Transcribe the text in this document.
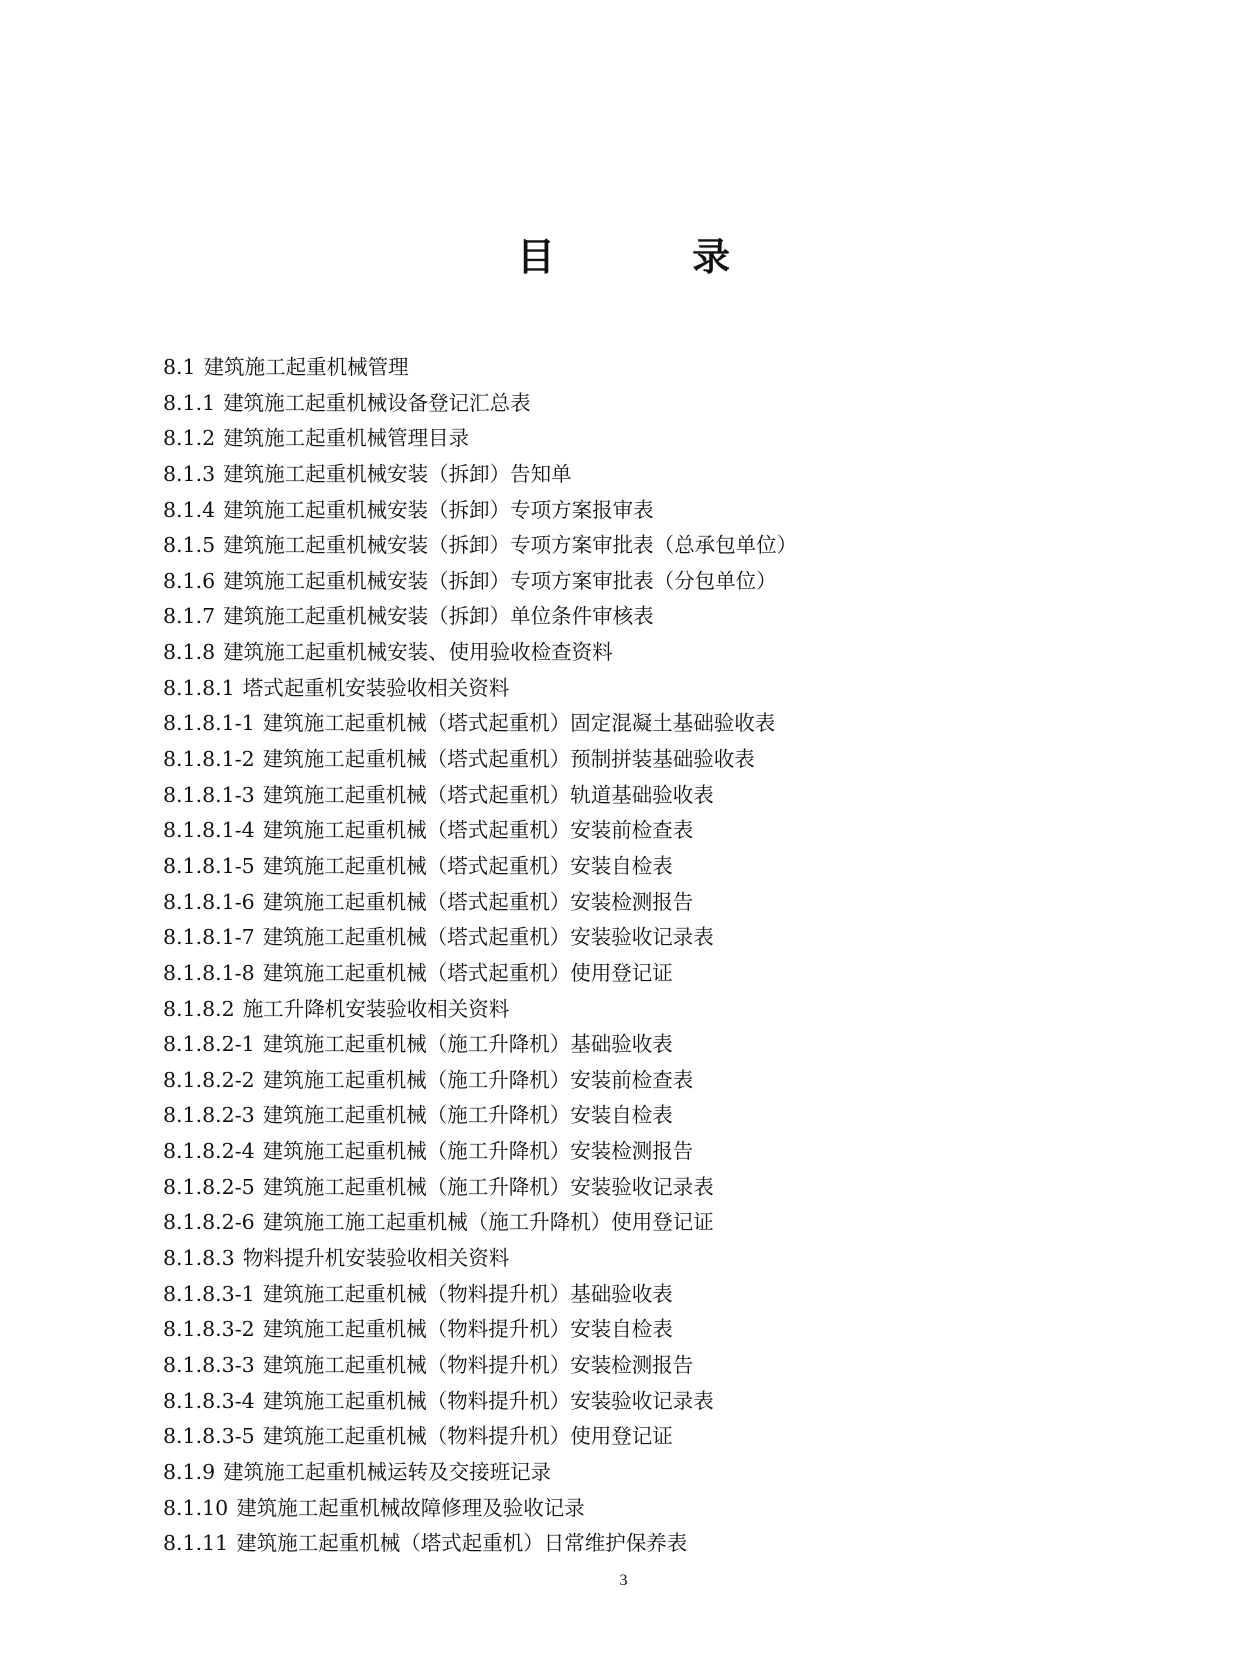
目 录
8.1 建筑施工起重机械管理
8.1.1 建筑施工起重机械设备登记汇总表
8.1.2 建筑施工起重机械管理目录
8.1.3 建筑施工起重机械安装（拆卸）告知单
8.1.4 建筑施工起重机械安装（拆卸）专项方案报审表
8.1.5 建筑施工起重机械安装（拆卸）专项方案审批表（总承包单位）
8.1.6 建筑施工起重机械安装（拆卸）专项方案审批表（分包单位）
8.1.7 建筑施工起重机械安装（拆卸）单位条件审核表
8.1.8 建筑施工起重机械安装、使用验收检查资料
8.1.8.1 塔式起重机安装验收相关资料
8.1.8.1-1 建筑施工起重机械（塔式起重机）固定混凝土基础验收表
8.1.8.1-2 建筑施工起重机械（塔式起重机）预制拼装基础验收表
8.1.8.1-3 建筑施工起重机械（塔式起重机）轨道基础验收表
8.1.8.1-4 建筑施工起重机械（塔式起重机）安装前检查表
8.1.8.1-5 建筑施工起重机械（塔式起重机）安装自检表
8.1.8.1-6 建筑施工起重机械（塔式起重机）安装检测报告
8.1.8.1-7 建筑施工起重机械（塔式起重机）安装验收记录表
8.1.8.1-8 建筑施工起重机械（塔式起重机）使用登记证
8.1.8.2 施工升降机安装验收相关资料
8.1.8.2-1 建筑施工起重机械（施工升降机）基础验收表
8.1.8.2-2 建筑施工起重机械（施工升降机）安装前检查表
8.1.8.2-3 建筑施工起重机械（施工升降机）安装自检表
8.1.8.2-4 建筑施工起重机械（施工升降机）安装检测报告
8.1.8.2-5 建筑施工起重机械（施工升降机）安装验收记录表
8.1.8.2-6 建筑施工施工起重机械（施工升降机）使用登记证
8.1.8.3 物料提升机安装验收相关资料
8.1.8.3-1 建筑施工起重机械（物料提升机）基础验收表
8.1.8.3-2 建筑施工起重机械（物料提升机）安装自检表
8.1.8.3-3 建筑施工起重机械（物料提升机）安装检测报告
8.1.8.3-4 建筑施工起重机械（物料提升机）安装验收记录表
8.1.8.3-5 建筑施工起重机械（物料提升机）使用登记证
8.1.9 建筑施工起重机械运转及交接班记录
8.1.10 建筑施工起重机械故障修理及验收记录
8.1.11 建筑施工起重机械（塔式起重机）日常维护保养表
3
